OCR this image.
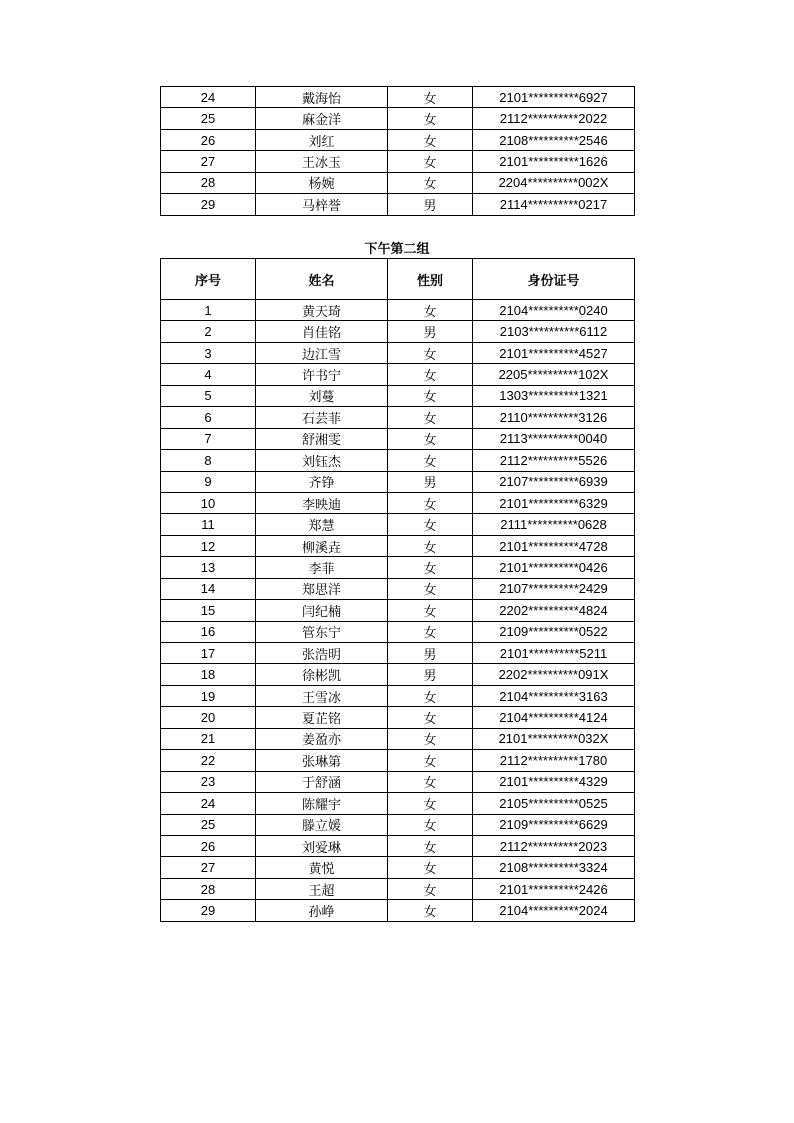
24	戴海怡	女	2101**********6927
25	麻金洋	女	2112**********2022
26	刘红	女	2108**********2546
27	王冰玉	女	2101**********1626
28	杨婉	女	2204**********002X
29	马梓誉	男	2114**********0217
下午第二组
序号	姓名	性别	身份证号
1	黄天琦	女	2104**********0240
2	肖佳铭	男	2103**********6112
3	边江雪	女	2101**********4527
4	许书宁	女	2205**********102X
5	刘蔓	女	1303**********1321
6	石芸菲	女	2110**********3126
7	舒湘雯	女	2113**********0040
8	刘钰杰	女	2112**********5526
9	齐铮	男	2107**********6939
10	李映迪	女	2101**********6329
11	郑慧	女	2111**********0628
12	柳溪垚	女	2101**********4728
13	李菲	女	2101**********0426
14	郑思洋	女	2107**********2429
15	闫纪楠	女	2202**********4824
16	管东宁	女	2109**********0522
17	张浩明	男	2101**********5211
18	徐彬凯	男	2202**********091X
19	王雪冰	女	2104**********3163
20	夏芷铭	女	2104**********4124
21	姜盈亦	女	2101**********032X
22	张琳第	女	2112**********1780
23	于舒涵	女	2101**********4329
24	陈耀宇	女	2105**********0525
25	滕立媛	女	2109**********6629
26	刘爱琳	女	2112**********2023
27	黄悦	女	2108**********3324
28	王超	女	2101**********2426
29	孙峥	女	2104**********2024
